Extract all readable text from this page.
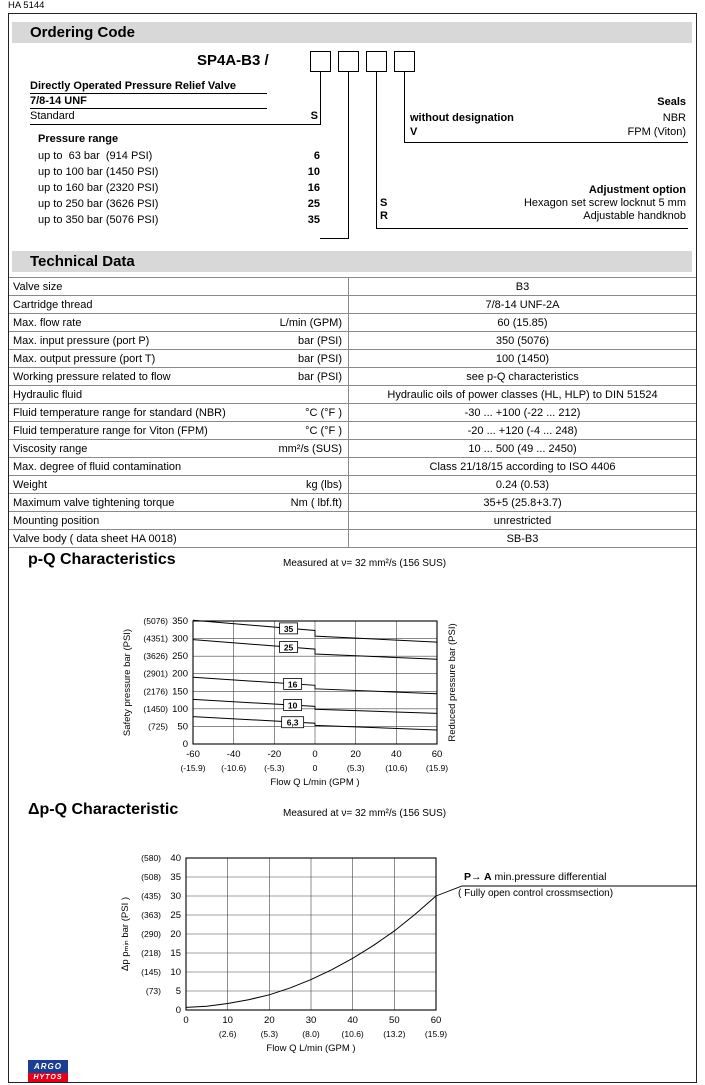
HA 5144
Ordering Code
SP4A-B3 /
Directly Operated Pressure Relief Valve
7/8-14 UNF
Standard	S
Pressure range
up to  63 bar  (914 PSI)	6
up to 100 bar (1450 PSI)	10
up to 160 bar (2320 PSI)	16
up to 250 bar (3626 PSI)	25
up to 350 bar (5076 PSI)	35
Seals
without designation	NBR
V	FPM (Viton)
Adjustment option
S	Hexagon set screw locknut 5 mm
R	Adjustable handknob
Technical Data
Valve size	B3
Cartridge thread	7/8-14 UNF-2A
Max. flow rate	L/min (GPM)	60 (15.85)
Max. input pressure (port P)	bar (PSI)	350 (5076)
Max. output pressure (port T)	bar (PSI)	100 (1450)
Working pressure related to flow	bar (PSI)	see p-Q characteristics
Hydraulic fluid	Hydraulic oils of power classes (HL, HLP) to DIN 51524
Fluid temperature range for standard (NBR)	°C (°F )	-30 ... +100 (-22 ... 212)
Fluid temperature range for Viton (FPM)	°C (°F )	-20 ... +120 (-4 ... 248)
Viscosity range	mm²/s (SUS)	10 ... 500 (49 ... 2450)
Max. degree of fluid contamination	Class 21/18/15 according to ISO 4406
Weight	kg (lbs)	0.24 (0.53)
Maximum valve tightening torque	Nm ( lbf.ft)	35+5 (25.8+3.7)
Mounting position	unrestricted
Valve body ( data sheet HA 0018)	SB-B3
p-Q Characteristics	Measured at ν= 32 mm²/s (156 SUS)
-60
(-15.9)
-40
(-10.6)
-20
(-5.3)
0
0
20
(5.3)
40
(10.6)
60
(15.9)
0
50
(725)
100
(1450)
150
(2176)
200
(2901)
250
(3626)
300
(4351)
350
(5076)
35
25
16
10
6,3
Flow Q L/min (GPM )
Safety pressure bar (PSI)	Reduced pressure bar (PSI)
Δp-Q Characteristic	Measured at ν= 32 mm²/s (156 SUS)
0	10
(2.6)
20
(5.3)
30
(8.0)
40
(10.6)
50
(13.2)
60
(15.9)
0
5
(73)
10
(145)
15
(218)
20
(290)
25
(363)
30
(435)
35
(508)
40
(580)
Flow Q L/min (GPM )
Δp pₘᵢₙ bar (PSI )
P→ A min.pressure differential
( Fully open control crossmsection)
ARGO
HYTOS
